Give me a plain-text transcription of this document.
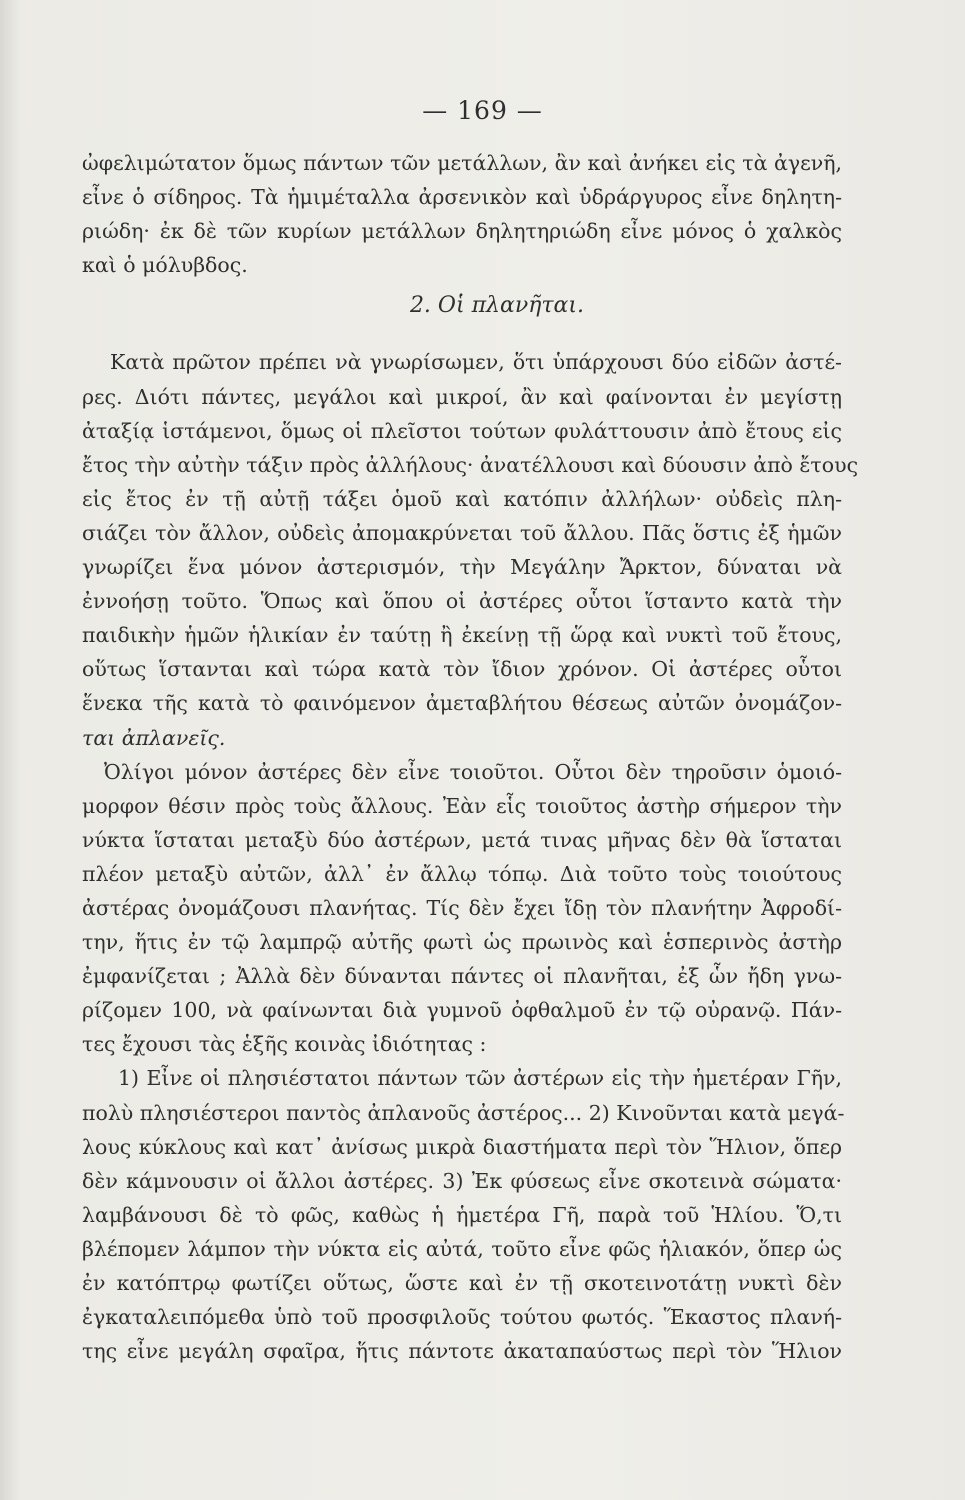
— 169 —
ὠφελιμώτατον ὅμως πάντων τῶν μετάλλων, ἂν καὶ ἀνήκει εἰς τὰ ἀγενῆ,
εἶνε ὁ σίδηρος. Τὰ ἡμιμέταλλα ἀρσενικὸν καὶ ὑδράργυρος εἶνε δηλητη-
ριώδη· ἐκ δὲ τῶν κυρίων μετάλλων δηλητηριώδη εἶνε μόνος ὁ χαλκὸς
καὶ ὁ μόλυβδος.
2. Οἱ πλανῆται.
Κατὰ πρῶτον πρέπει νὰ γνωρίσωμεν, ὅτι ὑπάρχουσι δύο εἰδῶν ἀστέ-
ρες. Διότι πάντες, μεγάλοι καὶ μικροί, ἂν καὶ φαίνονται ἐν μεγίστῃ
ἀταξίᾳ ἱστάμενοι, ὅμως οἱ πλεῖστοι τούτων φυλάττουσιν ἀπὸ ἔτους εἰς
ἔτος τὴν αὐτὴν τάξιν πρὸς ἀλλήλους· ἀνατέλλουσι καὶ δύουσιν ἀπὸ ἔτους
εἰς ἔτος ἐν τῇ αὐτῇ τάξει ὁμοῦ καὶ κατόπιν ἀλλήλων· οὐδεὶς πλη-
σιάζει τὸν ἄλλον, οὐδεὶς ἀπομακρύνεται τοῦ ἄλλου. Πᾶς ὅστις ἐξ ἡμῶν
γνωρίζει ἕνα μόνον ἀστερισμόν, τὴν Μεγάλην Ἄρκτον, δύναται νὰ
ἐννοήσῃ τοῦτο. Ὅπως καὶ ὅπου οἱ ἀστέρες οὗτοι ἵσταντο κατὰ τὴν
παιδικὴν ἡμῶν ἡλικίαν ἐν ταύτῃ ἢ ἐκείνῃ τῇ ὥρᾳ καὶ νυκτὶ τοῦ ἔτους,
οὕτως ἵστανται καὶ τώρα κατὰ τὸν ἴδιον χρόνον. Οἱ ἀστέρες οὗτοι
ἕνεκα τῆς κατὰ τὸ φαινόμενον ἀμεταβλήτου θέσεως αὐτῶν ὀνομάζον-
ται ἀπλανεῖς.
Ὀλίγοι μόνον ἀστέρες δὲν εἶνε τοιοῦτοι. Οὗτοι δὲν τηροῦσιν ὁμοιό-
μορφον θέσιν πρὸς τοὺς ἄλλους. Ἐὰν εἷς τοιοῦτος ἀστὴρ σήμερον τὴν
νύκτα ἵσταται μεταξὺ δύο ἀστέρων, μετά τινας μῆνας δὲν θὰ ἵσταται
πλέον μεταξὺ αὐτῶν, ἀλλ᾽ ἐν ἄλλῳ τόπῳ. Διὰ τοῦτο τοὺς τοιούτους
ἀστέρας ὀνομάζουσι πλανήτας. Τίς δὲν ἔχει ἴδῃ τὸν πλανήτην Ἀφροδί-
την, ἥτις ἐν τῷ λαμπρῷ αὐτῆς φωτὶ ὡς πρωινὸς καὶ ἑσπερινὸς ἀστὴρ
ἐμφανίζεται ; Ἀλλὰ δὲν δύνανται πάντες οἱ πλανῆται, ἐξ ὧν ἤδη γνω-
ρίζομεν 100, νὰ φαίνωνται διὰ γυμνοῦ ὀφθαλμοῦ ἐν τῷ οὐρανῷ. Πάν-
τες ἔχουσι τὰς ἑξῆς κοινὰς ἰδιότητας :
1) Εἶνε οἱ πλησιέστατοι πάντων τῶν ἀστέρων εἰς τὴν ἡμετέραν Γῆν,
πολὺ πλησιέστεροι παντὸς ἀπλανοῦς ἀστέρος... 2) Κινοῦνται κατὰ μεγά-
λους κύκλους καὶ κατ᾽ ἀνίσως μικρὰ διαστήματα περὶ τὸν Ἥλιον, ὅπερ
δὲν κάμνουσιν οἱ ἄλλοι ἀστέρες. 3) Ἐκ φύσεως εἶνε σκοτεινὰ σώματα·
λαμβάνουσι δὲ τὸ φῶς, καθὼς ἡ ἡμετέρα Γῆ, παρὰ τοῦ Ἡλίου. Ὅ,τι
βλέπομεν λάμπον τὴν νύκτα εἰς αὐτά, τοῦτο εἶνε φῶς ἡλιακόν, ὅπερ ὡς
ἐν κατόπτρῳ φωτίζει οὕτως, ὥστε καὶ ἐν τῇ σκοτεινοτάτῃ νυκτὶ δὲν
ἐγκαταλειπόμεθα ὑπὸ τοῦ προσφιλοῦς τούτου φωτός. Ἕκαστος πλανή-
της εἶνε μεγάλη σφαῖρα, ἥτις πάντοτε ἀκαταπαύστως περὶ τὸν Ἥλιον
